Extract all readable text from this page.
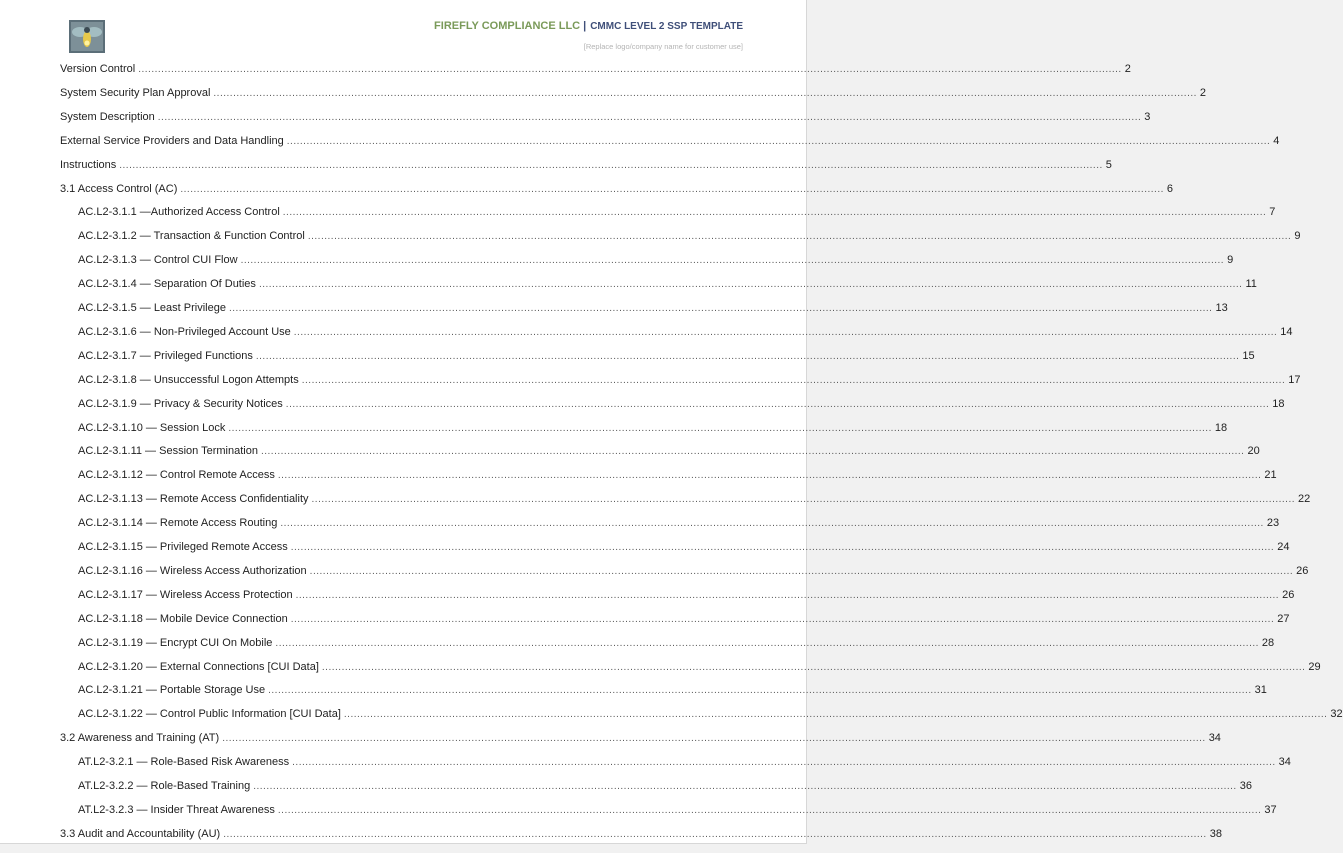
FIREFLY COMPLIANCE LLC | CMMC LEVEL 2 SSP TEMPLATE
[Replace logo/company name for customer use]
Version Control ............................................................................................................................................................................................................................................................................................................ 2
System Security Plan Approval ............................................................................................................................................................................................................................................................................................................ 2
System Description ............................................................................................................................................................................................................................................................................................................ 3
External Service Providers and Data Handling ............................................................................................................................................................................................................................................................................................................ 4
Instructions ............................................................................................................................................................................................................................................................................................................ 5
3.1 Access Control (AC) ............................................................................................................................................................................................................................................................................................................ 6
AC.L2-3.1.1 —Authorized Access Control ............................................................................................................................................................................................................................................................................................................ 7
AC.L2-3.1.2 — Transaction & Function Control ............................................................................................................................................................................................................................................................................................................ 9
AC.L2-3.1.3 — Control CUI Flow ............................................................................................................................................................................................................................................................................................................ 9
AC.L2-3.1.4 — Separation Of Duties ............................................................................................................................................................................................................................................................................................................ 11
AC.L2-3.1.5 — Least Privilege ............................................................................................................................................................................................................................................................................................................ 13
AC.L2-3.1.6 — Non-Privileged Account Use ............................................................................................................................................................................................................................................................................................................ 14
AC.L2-3.1.7 — Privileged Functions ............................................................................................................................................................................................................................................................................................................ 15
AC.L2-3.1.8 — Unsuccessful Logon Attempts ............................................................................................................................................................................................................................................................................................................ 17
AC.L2-3.1.9 — Privacy & Security Notices ............................................................................................................................................................................................................................................................................................................ 18
AC.L2-3.1.10 — Session Lock ............................................................................................................................................................................................................................................................................................................ 18
AC.L2-3.1.11 — Session Termination ............................................................................................................................................................................................................................................................................................................ 20
AC.L2-3.1.12 — Control Remote Access ............................................................................................................................................................................................................................................................................................................ 21
AC.L2-3.1.13 — Remote Access Confidentiality ............................................................................................................................................................................................................................................................................................................ 22
AC.L2-3.1.14 — Remote Access Routing ............................................................................................................................................................................................................................................................................................................ 23
AC.L2-3.1.15 — Privileged Remote Access ............................................................................................................................................................................................................................................................................................................ 24
AC.L2-3.1.16 — Wireless Access Authorization ............................................................................................................................................................................................................................................................................................................ 26
AC.L2-3.1.17 — Wireless Access Protection ............................................................................................................................................................................................................................................................................................................ 26
AC.L2-3.1.18 — Mobile Device Connection ............................................................................................................................................................................................................................................................................................................ 27
AC.L2-3.1.19 — Encrypt CUI On Mobile ............................................................................................................................................................................................................................................................................................................ 28
AC.L2-3.1.20 — External Connections [CUI Data] ............................................................................................................................................................................................................................................................................................................ 29
AC.L2-3.1.21 — Portable Storage Use ............................................................................................................................................................................................................................................................................................................ 31
AC.L2-3.1.22 — Control Public Information [CUI Data] ............................................................................................................................................................................................................................................................................................................ 32
3.2 Awareness and Training (AT) ............................................................................................................................................................................................................................................................................................................ 34
AT.L2-3.2.1 — Role-Based Risk Awareness ............................................................................................................................................................................................................................................................................................................ 34
AT.L2-3.2.2 — Role-Based Training ............................................................................................................................................................................................................................................................................................................ 36
AT.L2-3.2.3 — Insider Threat Awareness ............................................................................................................................................................................................................................................................................................................ 37
3.3 Audit and Accountability (AU) ............................................................................................................................................................................................................................................................................................................ 38
